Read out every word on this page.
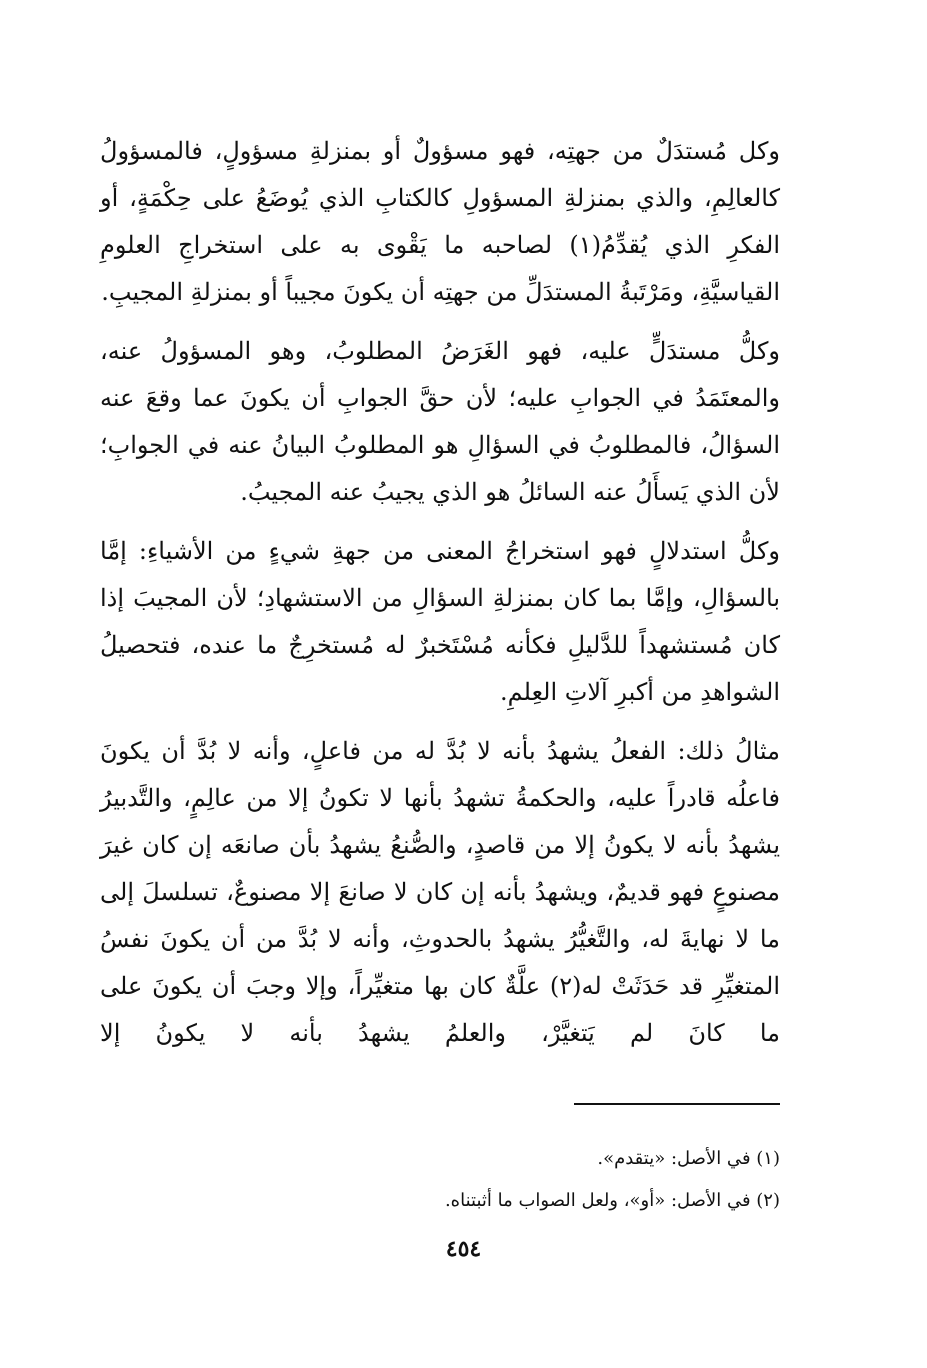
وكل مُستدَلٌ من جهتِه، فهو مسؤولٌ أو بمنزلةِ مسؤولٍ، فالمسؤولُ كالعالِمِ، والذي بمنزلةِ المسؤولِ كالكتابِ الذي يُوضَعُ على حِكْمَةٍ، أو الفكرِ الذي يُقدِّمُ(١) لصاحبه ما يَقْوى به على استخراجِ العلومِ القياسيَّةِ، ومَرْتَبةُ المستدَلِّ من جهتِه أن يكونَ مجيباً أو بمنزلةِ المجيبِ.

وكلُّ مستدَلٍّ عليه، فهو الغَرَضُ المطلوبُ، وهو المسؤولُ عنه، والمعتَمَدُ في الجوابِ عليه؛ لأن حقَّ الجوابِ أن يكونَ عما وقعَ عنه السؤالُ، فالمطلوبُ في السؤالِ هو المطلوبُ البيانُ عنه في الجوابِ؛ لأن الذي يَسأَلُ عنه السائلُ هو الذي يجيبُ عنه المجيبُ.

وكلُّ استدلالٍ فهو استخراجُ المعنى من جهةِ شيءٍ من الأشياءِ: إمَّا بالسؤالِ، وإمَّا بما كان بمنزلةِ السؤالِ من الاستشهادِ؛ لأن المجيبَ إذا كان مُستشهداً للدَّليلِ فكأنه مُسْتَخبرٌ له مُستخرِجٌ ما عنده، فتحصيلُ الشواهدِ من أكبرِ آلاتِ العِلمِ.

مثالُ ذلك: الفعلُ يشهدُ بأنه لا بُدَّ له من فاعلٍ، وأنه لا بُدَّ أن يكونَ فاعلُه قادراً عليه، والحكمةُ تشهدُ بأنها لا تكونُ إلا من عالِمٍ، والتَّدبيرُ يشهدُ بأنه لا يكونُ إلا من قاصدٍ، والصُّنعُ يشهدُ بأن صانعَه إن كان غيرَ مصنوعٍ فهو قديمٌ، ويشهدُ بأنه إن كان لا صانعَ إلا مصنوعٌ، تسلسلَ إلى ما لا نهايةَ له، والتَّغيُّرُ يشهدُ بالحدوثِ، وأنه لا بُدَّ من أن يكونَ نفسُ المتغيِّرِ قد حَدَثَتْ له(٢) علَّةٌ كان بها متغيِّراً، وإلا وجبَ أن يكونَ على ما كانَ لم يَتغيَّرْ، والعلمُ يشهدُ بأنه لا يكونُ إلا

(١) في الأصل: «يتقدم».

(٢) في الأصل: «أو»، ولعل الصواب ما أثبتناه.

٤٥٤
